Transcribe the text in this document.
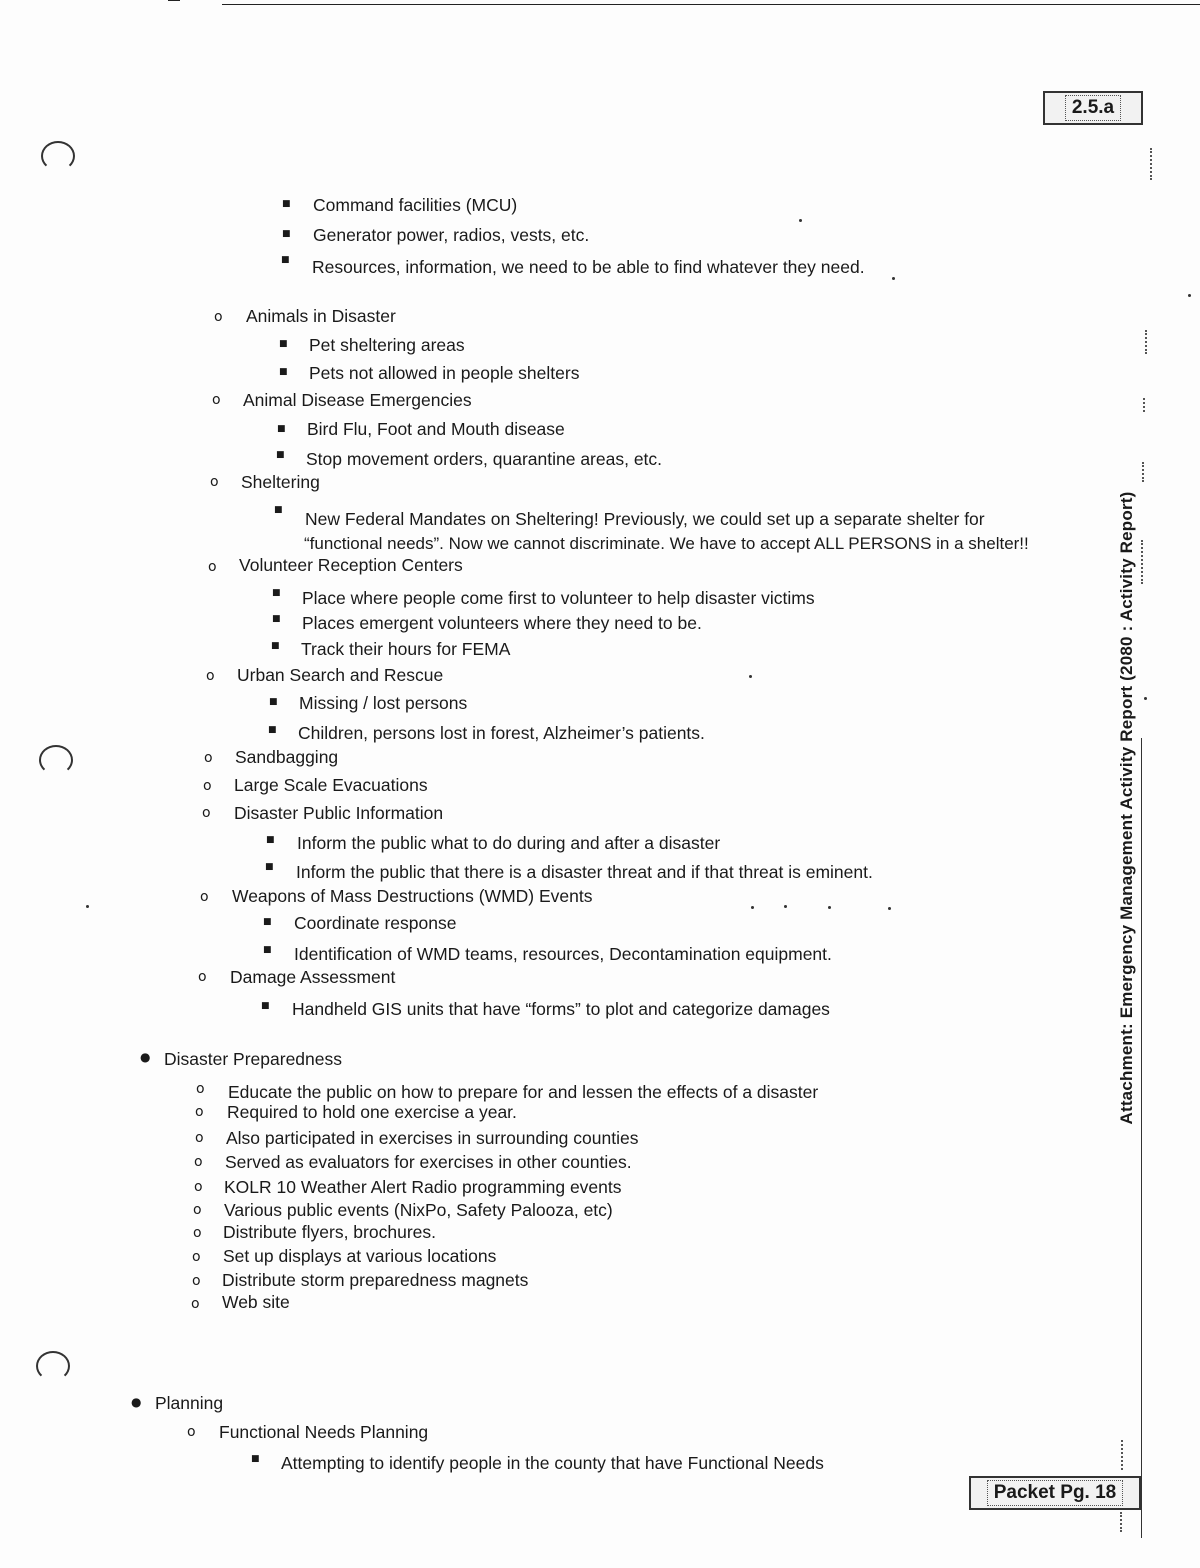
2.5.a
Packet Pg. 18
Attachment: Emergency Management Activity Report (2080 : Activity Report)
■ Command facilities (MCU)
■ Generator power, radios, vests, etc.
■ Resources, information, we need to be able to find whatever they need.
o Animals in Disaster
■ Pet sheltering areas
■ Pets not allowed in people shelters
o Animal Disease Emergencies
■ Bird Flu, Foot and Mouth disease
■ Stop movement orders, quarantine areas, etc.
o Sheltering
■ New Federal Mandates on Sheltering! Previously, we could set up a separate shelter for
“functional needs”. Now we cannot discriminate. We have to accept ALL PERSONS in a shelter!!
o Volunteer Reception Centers
■ Place where people come first to volunteer to help disaster victims
■ Places emergent volunteers where they need to be.
■ Track their hours for FEMA
o Urban Search and Rescue
■ Missing / lost persons
■ Children, persons lost in forest, Alzheimer’s patients.
o Sandbagging
o Large Scale Evacuations
o Disaster Public Information
■ Inform the public what to do during and after a disaster
■ Inform the public that there is a disaster threat and if that threat is eminent.
o Weapons of Mass Destructions (WMD) Events
■ Coordinate response
■ Identification of WMD teams, resources, Decontamination equipment.
o Damage Assessment
■ Handheld GIS units that have “forms” to plot and categorize damages
● Disaster Preparedness
o Educate the public on how to prepare for and lessen the effects of a disaster
o Required to hold one exercise a year.
o Also participated in exercises in surrounding counties
o Served as evaluators for exercises in other counties.
o KOLR 10 Weather Alert Radio programming events
o Various public events (NixPo, Safety Palooza, etc)
o Distribute flyers, brochures.
o Set up displays at various locations
o Distribute storm preparedness magnets
o Web site
● Planning
o Functional Needs Planning
■ Attempting to identify people in the county that have Functional Needs
